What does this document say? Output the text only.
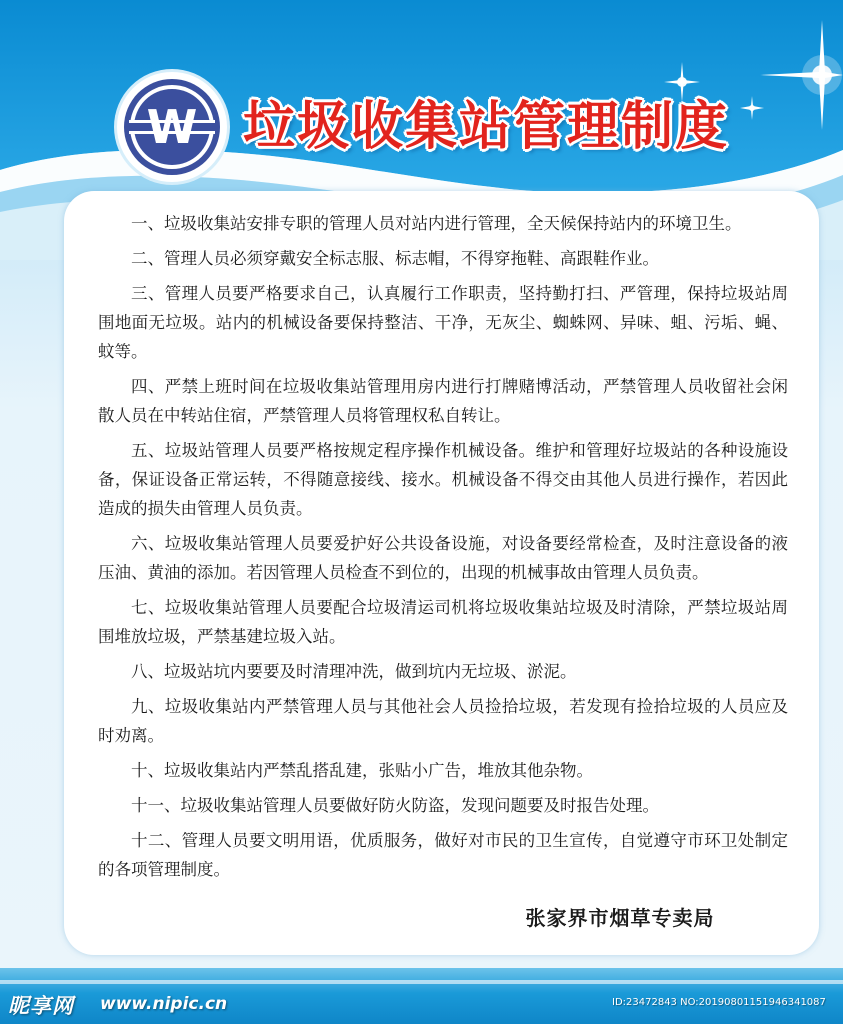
W 垃圾收集站管理制度

一、垃圾收集站安排专职的管理人员对站内进行管理，全天候保持站内的环境卫生。

二、管理人员必须穿戴安全标志服、标志帽，不得穿拖鞋、高跟鞋作业。

三、管理人员要严格要求自己，认真履行工作职责，坚持勤打扫、严管理，保持垃圾站周围地面无垃圾。站内的机械设备要保持整洁、干净，无灰尘、蜘蛛网、异味、蛆、污垢、蝇、蚊等。

四、严禁上班时间在垃圾收集站管理用房内进行打牌赌博活动，严禁管理人员收留社会闲散人员在中转站住宿，严禁管理人员将管理权私自转让。

五、垃圾站管理人员要严格按规定程序操作机械设备。维护和管理好垃圾站的各种设施设备，保证设备正常运转，不得随意接线、接水。机械设备不得交由其他人员进行操作，若因此造成的损失由管理人员负责。

六、垃圾收集站管理人员要爱护好公共设备设施，对设备要经常检查，及时注意设备的液压油、黄油的添加。若因管理人员检查不到位的，出现的机械事故由管理人员负责。

七、垃圾收集站管理人员要配合垃圾清运司机将垃圾收集站垃圾及时清除，严禁垃圾站周围堆放垃圾，严禁基建垃圾入站。

八、垃圾站坑内要要及时清理冲洗，做到坑内无垃圾、淤泥。

九、垃圾收集站内严禁管理人员与其他社会人员捡拾垃圾，若发现有捡拾垃圾的人员应及时劝离。

十、垃圾收集站内严禁乱搭乱建，张贴小广告，堆放其他杂物。

十一、垃圾收集站管理人员要做好防火防盗，发现问题要及时报告处理。

十二、管理人员要文明用语，优质服务，做好对市民的卫生宣传，自觉遵守市环卫处制定的各项管理制度。

张家界市烟草专卖局
昵享网 www.nipic.cn	ID:23472843 NO:20190801151946341087
